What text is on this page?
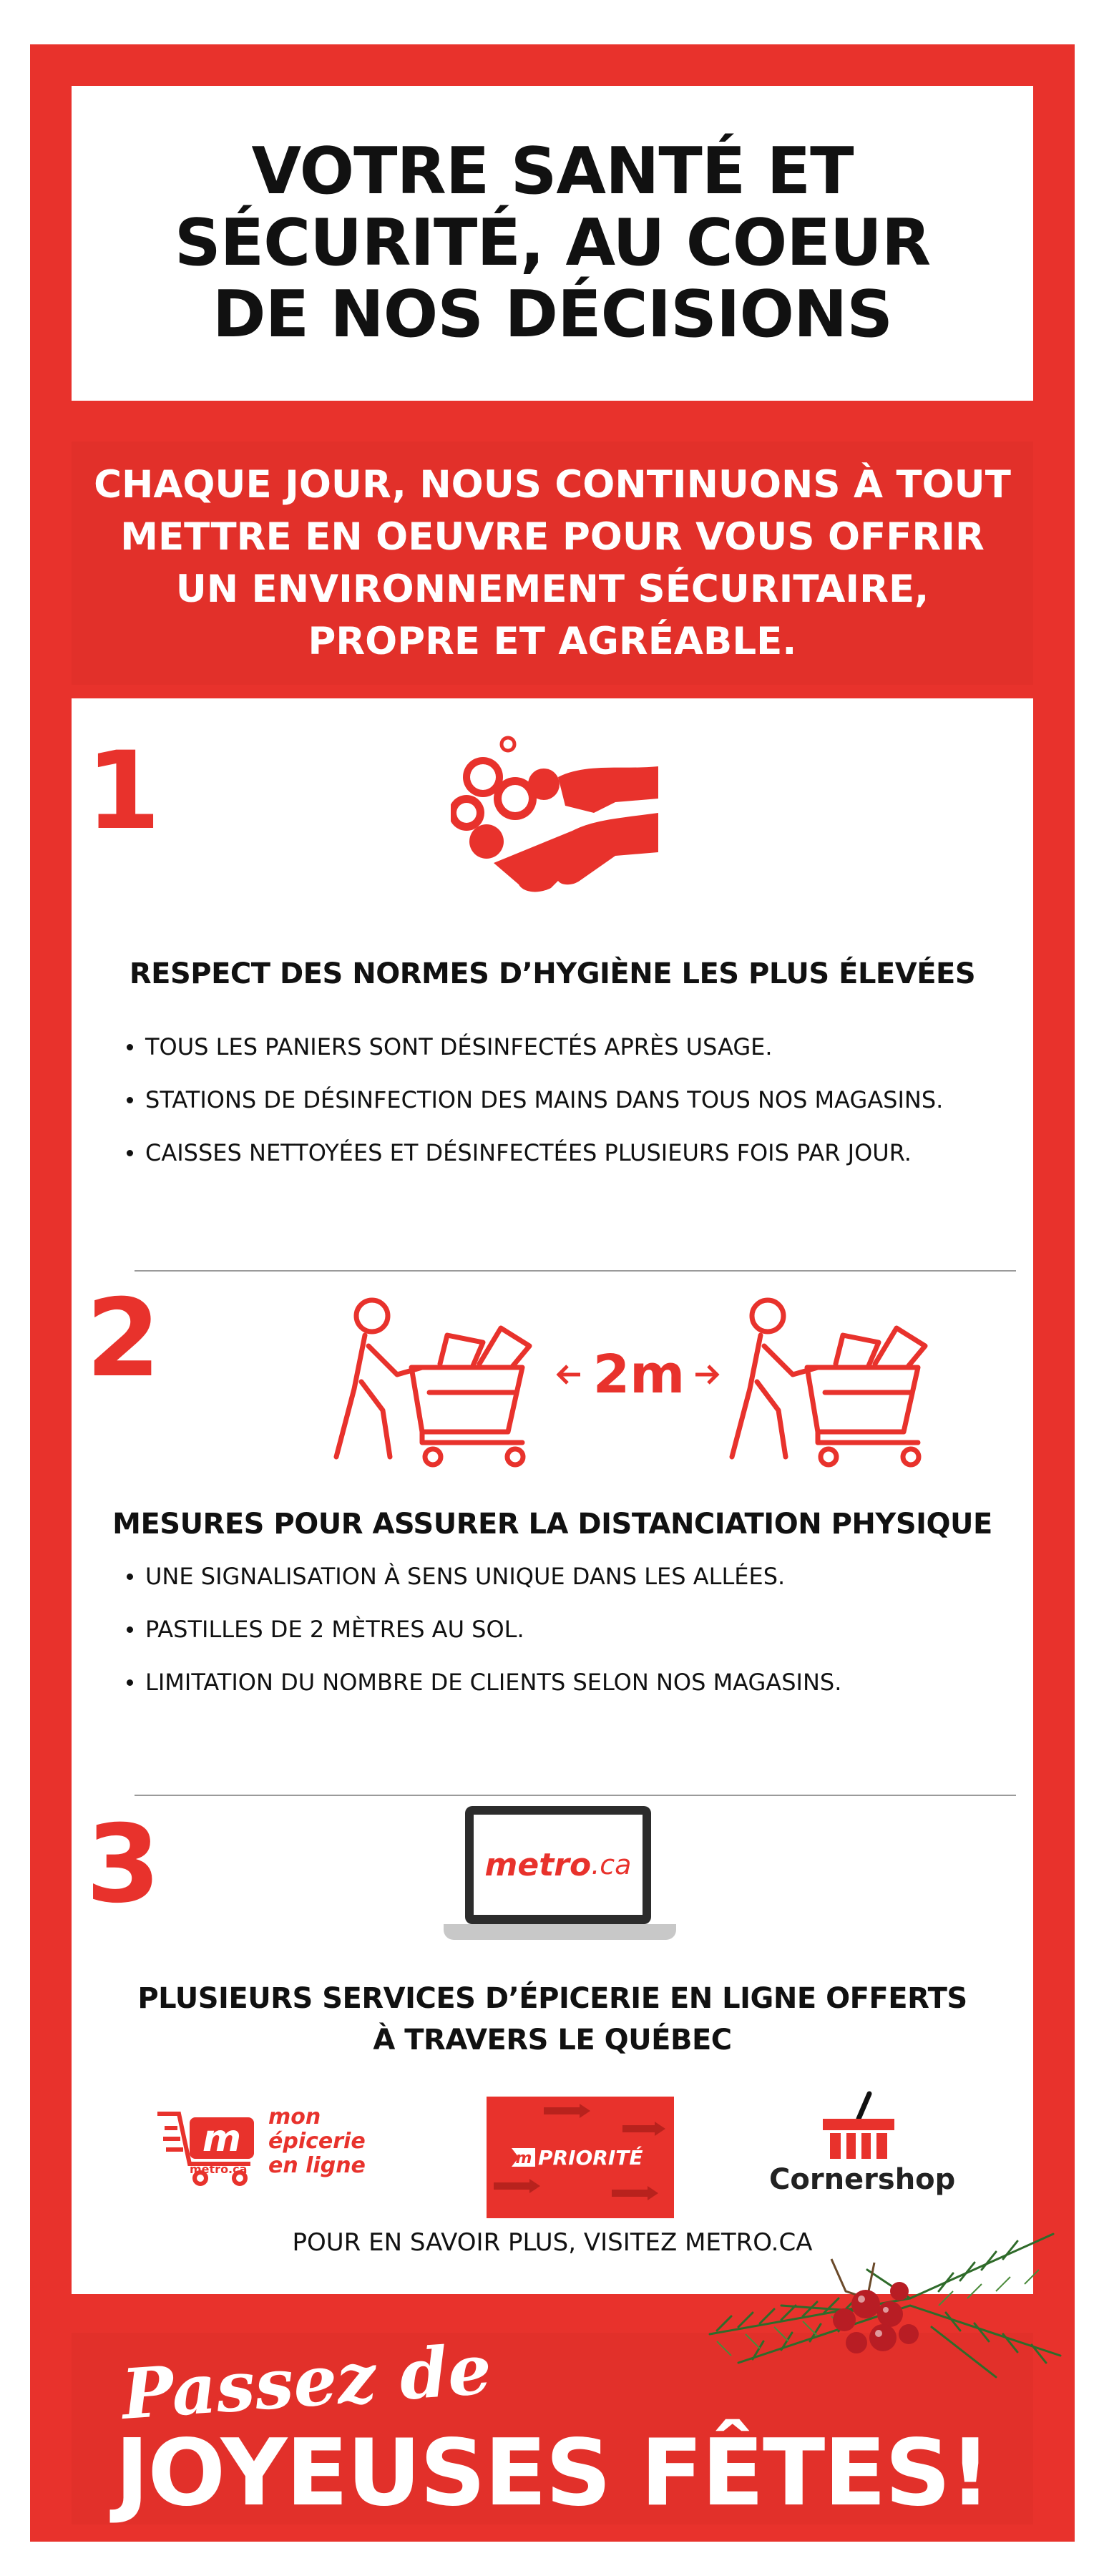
VOTRE SANTÉ ET
SÉCURITÉ, AU COEUR
DE NOS DÉCISIONS
CHAQUE JOUR, NOUS CONTINUONS À TOUT
METTRE EN OEUVRE POUR VOUS OFFRIR
UN ENVIRONNEMENT SÉCURITAIRE,
PROPRE ET AGRÉABLE.
1
RESPECT DES NORMES D’HYGIÈNE LES PLUS ÉLEVÉES
TOUS LES PANIERS SONT DÉSINFECTÉS APRÈS USAGE.
STATIONS DE DÉSINFECTION DES MAINS DANS TOUS NOS MAGASINS.
CAISSES NETTOYÉES ET DÉSINFECTÉES PLUSIEURS FOIS PAR JOUR.
2	2m
MESURES POUR ASSURER LA DISTANCIATION PHYSIQUE
UNE SIGNALISATION À SENS UNIQUE DANS LES ALLÉES.
PASTILLES DE 2 MÈTRES AU SOL.
LIMITATION DU NOMBRE DE CLIENTS SELON NOS MAGASINS.
3	metro .ca
PLUSIEURS SERVICES D’ÉPICERIE EN LIGNE OFFERTS
À TRAVERS LE QUÉBEC
m
metro.ca
mon
épicerie
en ligne	m PRIORITÉ
Cornershop
POUR EN SAVOIR PLUS, VISITEZ METRO.CA
Passez de
JOYEUSES FÊTES!
